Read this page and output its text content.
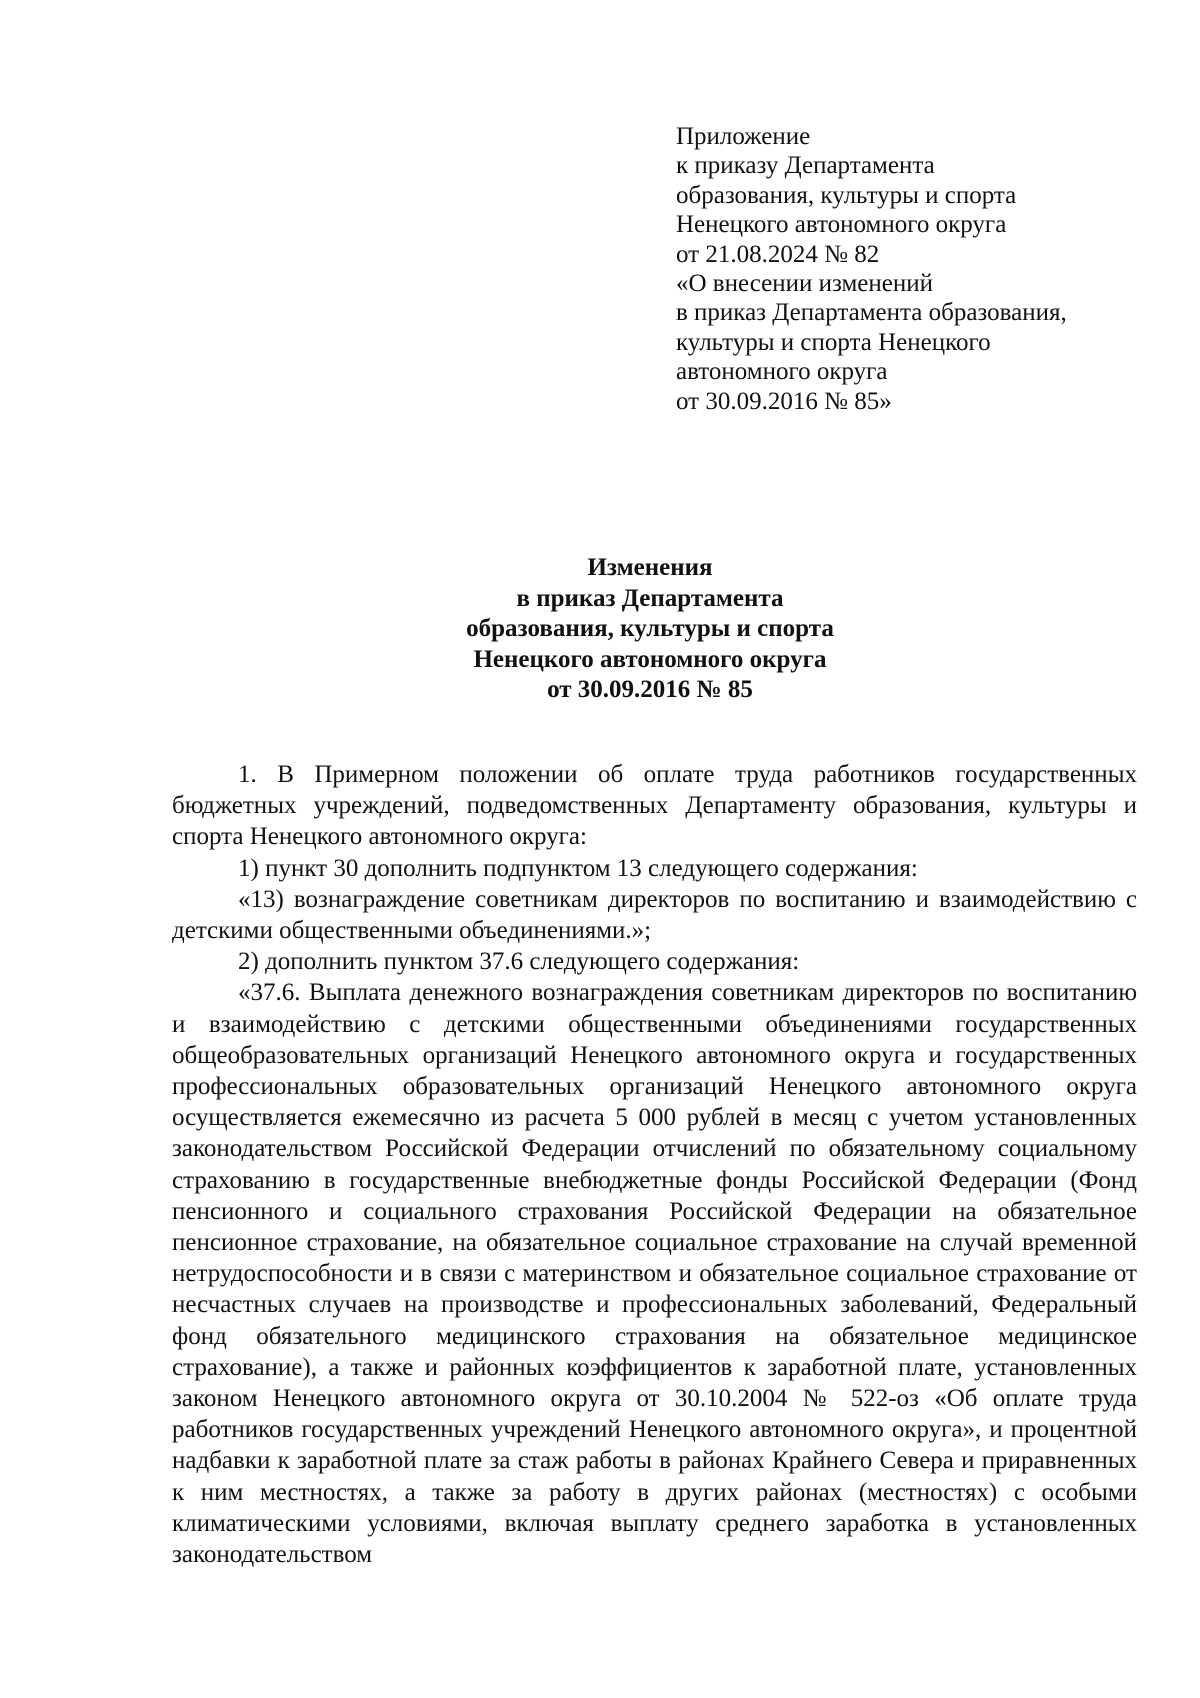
Приложение
к приказу Департамента
образования, культуры и спорта
Ненецкого автономного округа
от 21.08.2024 № 82
«О внесении изменений
в приказ Департамента образования,
культуры и спорта Ненецкого
автономного округа
от 30.09.2016 № 85»
Изменения
в приказ Департамента
образования, культуры и спорта
Ненецкого автономного округа
от 30.09.2016 № 85

1. В Примерном положении об оплате труда работников государственных бюджетных учреждений, подведомственных Департаменту образования, культуры и спорта Ненецкого автономного округа:

1) пункт 30 дополнить подпунктом 13 следующего содержания:

«13) вознаграждение советникам директоров по воспитанию и взаимодействию с детскими общественными объединениями.»;

2) дополнить пунктом 37.6 следующего содержания:

«37.6. Выплата денежного вознаграждения советникам директоров по воспитанию и взаимодействию с детскими общественными объединениями государственных общеобразовательных организаций Ненецкого автономного округа и государственных профессиональных образовательных организаций Ненецкого автономного округа осуществляется ежемесячно из расчета 5 000 рублей в месяц с учетом установленных законодательством Российской Федерации отчислений по обязательному социальному страхованию в государственные внебюджетные фонды Российской Федерации (Фонд пенсионного и социального страхования Российской Федерации на обязательное пенсионное страхование, на обязательное социальное страхование на случай временной нетрудоспособности и в связи с материнством и обязательное социальное страхование от несчастных случаев на производстве и профессиональных заболеваний, Федеральный фонд обязательного медицинского страхования на обязательное медицинское страхование), а также и районных коэффициентов к заработной плате, установленных законом Ненецкого автономного округа от 30.10.2004 № 522-оз «Об оплате труда работников государственных учреждений Ненецкого автономного округа», и процентной надбавки к заработной плате за стаж работы в районах Крайнего Севера и приравненных к ним местностях, а также за работу в других районах (местностях) с особыми климатическими условиями, включая выплату среднего заработка в установленных законодательством
